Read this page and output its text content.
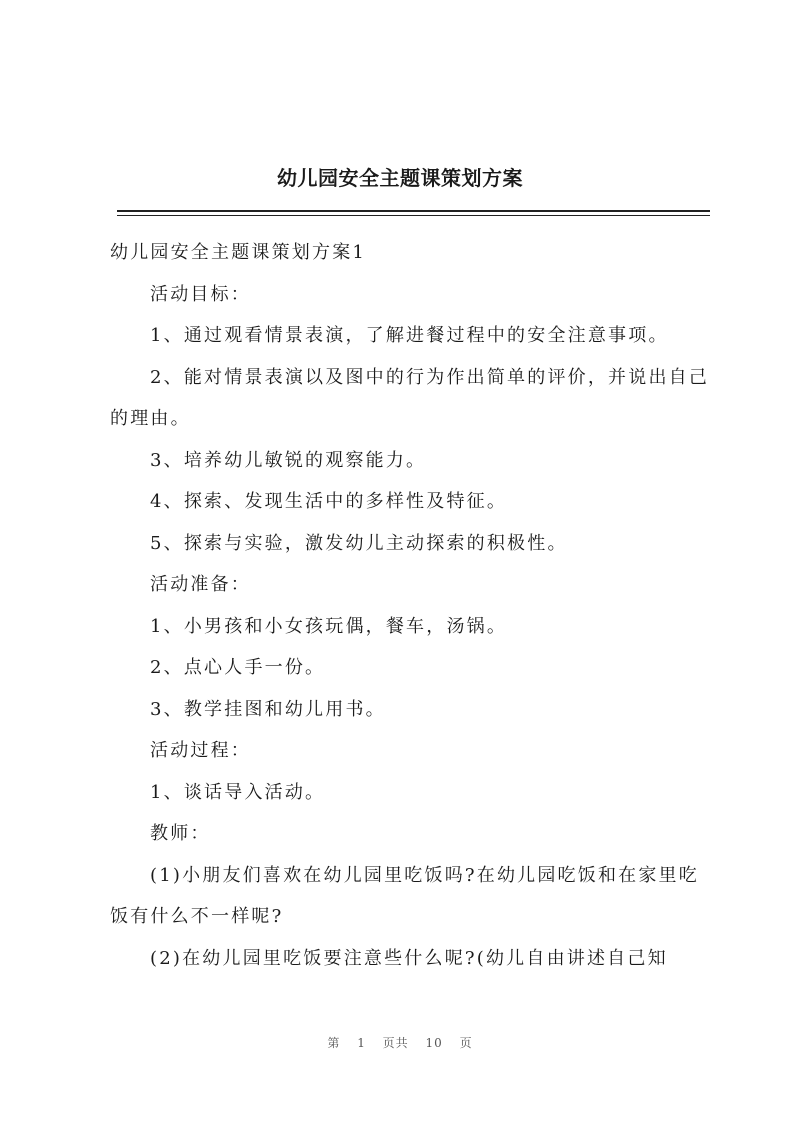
幼儿园安全主题课策划方案

幼儿园安全主题课策划方案1

活动目标：

1、通过观看情景表演，了解进餐过程中的安全注意事项。

2、能对情景表演以及图中的行为作出简单的评价，并说出自己的理由。

3、培养幼儿敏锐的观察能力。

4、探索、发现生活中的多样性及特征。

5、探索与实验，激发幼儿主动探索的积极性。

活动准备：

1、小男孩和小女孩玩偶，餐车，汤锅。

2、点心人手一份。

3、教学挂图和幼儿用书。

活动过程：

1、谈话导入活动。

教师：

(1)小朋友们喜欢在幼儿园里吃饭吗?在幼儿园吃饭和在家里吃饭有什么不一样呢?

(2)在幼儿园里吃饭要注意些什么呢?(幼儿自由讲述自己知

第 1 页共 10 页
